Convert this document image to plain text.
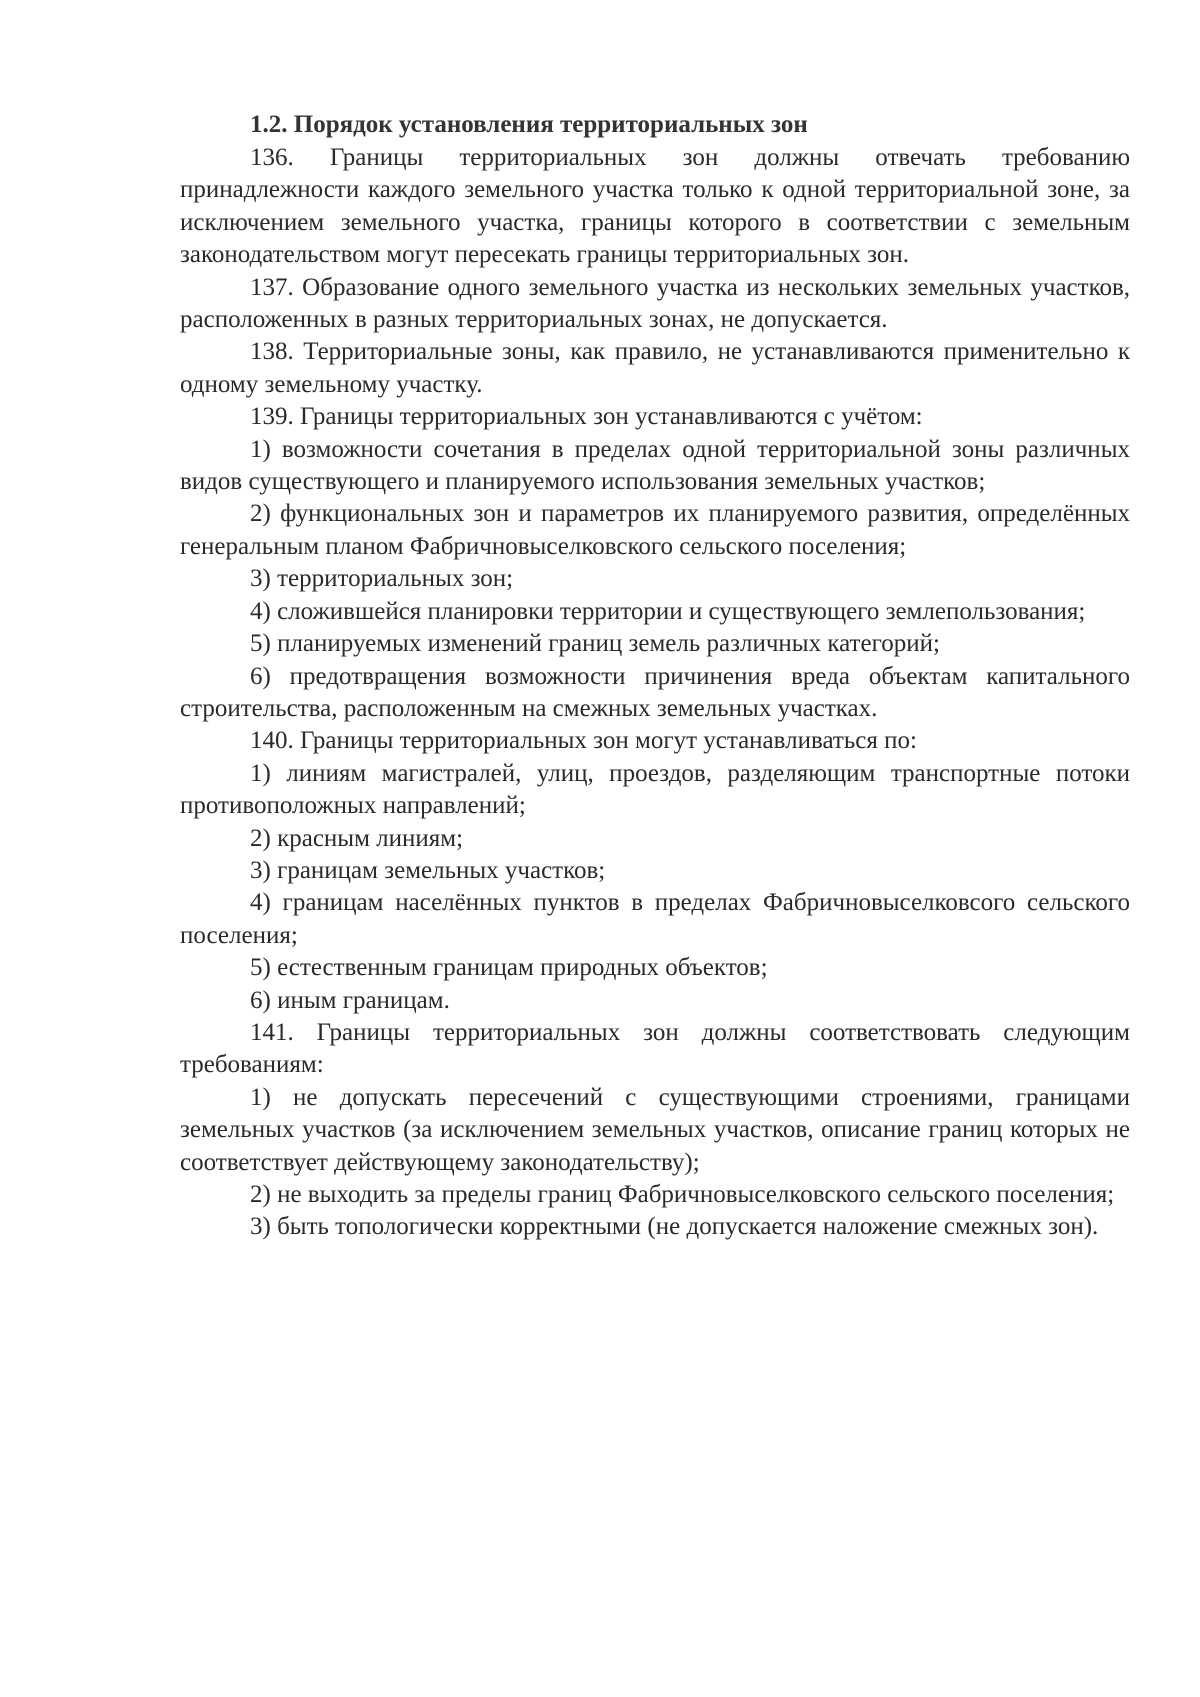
1.2. Порядок установления территориальных зон

136. Границы территориальных зон должны отвечать требованию принадлежности каждого земельного участка только к одной территориальной зоне, за исключением земельного участка, границы которого в соответствии с земельным законодательством могут пересекать границы территориальных зон.

137. Образование одного земельного участка из нескольких земельных участков, расположенных в разных территориальных зонах, не допускается.

138. Территориальные зоны, как правило, не устанавливаются применительно к одному земельному участку.

139. Границы территориальных зон устанавливаются с учётом:

1) возможности сочетания в пределах одной территориальной зоны различных видов существующего и планируемого использования земельных участков;

2) функциональных зон и параметров их планируемого развития, определённых генеральным планом Фабричновыселковского сельского поселения;

3) территориальных зон;

4) сложившейся планировки территории и существующего землепользования;

5) планируемых изменений границ земель различных категорий;

6) предотвращения возможности причинения вреда объектам капитального строительства, расположенным на смежных земельных участках.

140. Границы территориальных зон могут устанавливаться по:

1) линиям магистралей, улиц, проездов, разделяющим транспортные потоки противоположных направлений;

2) красным линиям;

3) границам земельных участков;

4) границам населённых пунктов в пределах Фабричновыселковсого сельского поселения;

5) естественным границам природных объектов;

6) иным границам.

141. Границы территориальных зон должны соответствовать следующим требованиям:

1) не допускать пересечений с существующими строениями, границами земельных участков (за исключением земельных участков, описание границ которых не соответствует действующему законодательству);

2) не выходить за пределы границ Фабричновыселковского сельского поселения;

3) быть топологически корректными (не допускается наложение смежных зон).
